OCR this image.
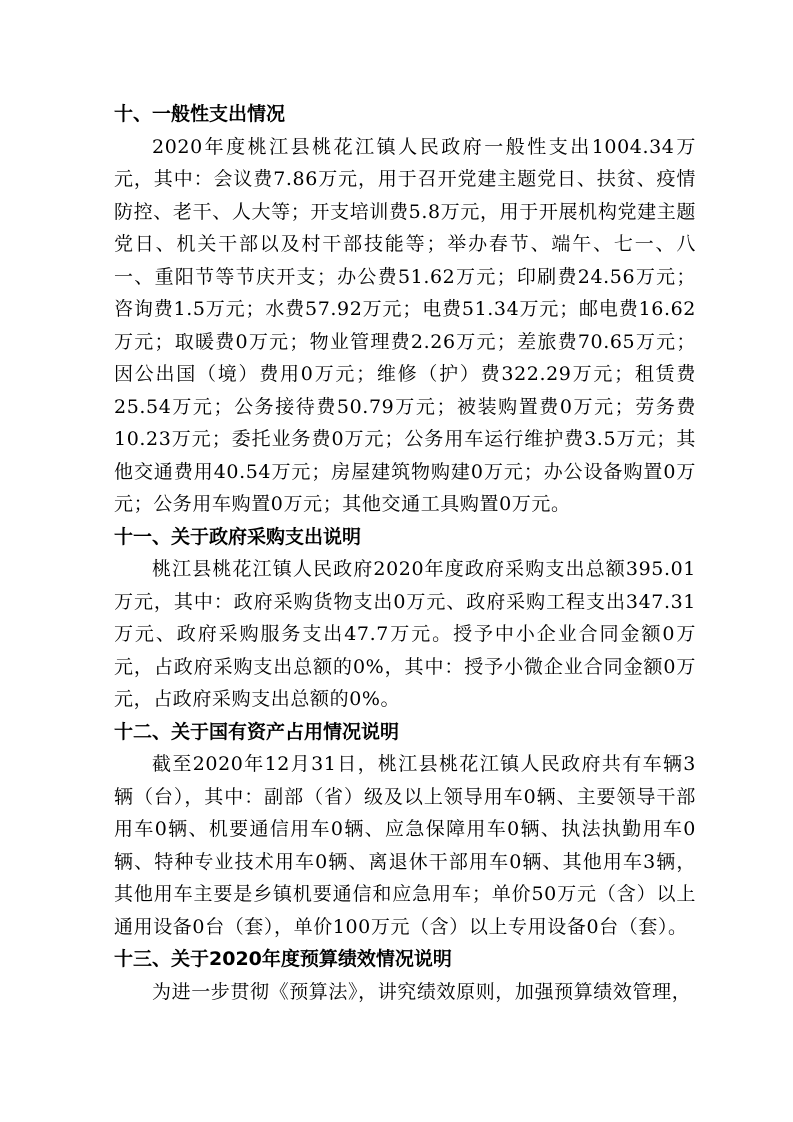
十、一般性支出情况

2020年度桃江县桃花江镇人民政府一般性支出1004.34万元，其中：会议费7.86万元，用于召开党建主题党日、扶贫、疫情防控、老干、人大等；开支培训费5.8万元，用于开展机构党建主题党日、机关干部以及村干部技能等；举办春节、端午、七一、八一、重阳节等节庆开支；办公费51.62万元；印刷费24.56万元；咨询费1.5万元；水费57.92万元；电费51.34万元；邮电费16.62万元；取暖费0万元；物业管理费2.26万元；差旅费70.65万元；因公出国（境）费用0万元；维修（护）费322.29万元；租赁费25.54万元；公务接待费50.79万元；被装购置费0万元；劳务费10.23万元；委托业务费0万元；公务用车运行维护费3.5万元；其他交通费用40.54万元；房屋建筑物购建0万元；办公设备购置0万元；公务用车购置0万元；其他交通工具购置0万元。

十一、关于政府采购支出说明

桃江县桃花江镇人民政府2020年度政府采购支出总额395.01万元，其中：政府采购货物支出0万元、政府采购工程支出347.31万元、政府采购服务支出47.7万元。授予中小企业合同金额0万元，占政府采购支出总额的0%，其中：授予小微企业合同金额0万元，占政府采购支出总额的0%。

十二、关于国有资产占用情况说明

截至2020年12月31日，桃江县桃花江镇人民政府共有车辆3辆（台），其中：副部（省）级及以上领导用车0辆、主要领导干部用车0辆、机要通信用车0辆、应急保障用车0辆、执法执勤用车0辆、特种专业技术用车0辆、离退休干部用车0辆、其他用车3辆，其他用车主要是乡镇机要通信和应急用车；单价50万元（含）以上通用设备0台（套），单价100万元（含）以上专用设备0台（套）。

十三、关于2020年度预算绩效情况说明

为进一步贯彻《预算法》，讲究绩效原则，加强预算绩效管理，
